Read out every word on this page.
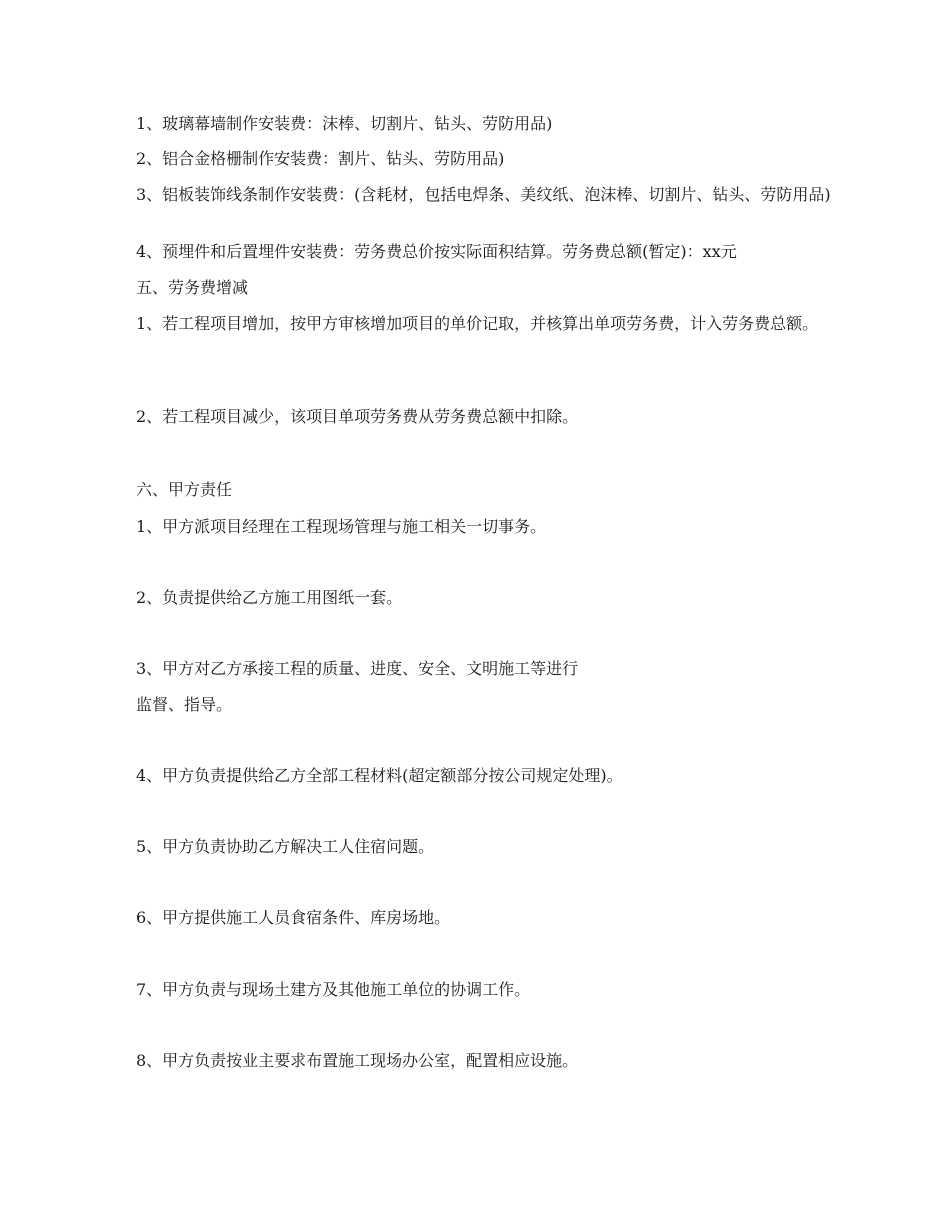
1、玻璃幕墙制作安装费：沫棒、切割片、钻头、劳防用品)
2、铝合金格栅制作安装费：割片、钻头、劳防用品)
3、铝板装饰线条制作安装费：(含耗材，包括电焊条、美纹纸、泡沫棒、切割片、钻头、劳防用品)
4、预埋件和后置埋件安装费：劳务费总价按实际面积结算。劳务费总额(暂定)：xx元
五、劳务费增减
1、若工程项目增加，按甲方审核增加项目的单价记取，并核算出单项劳务费，计入劳务费总额。
2、若工程项目减少，该项目单项劳务费从劳务费总额中扣除。
六、甲方责任
1、甲方派项目经理在工程现场管理与施工相关一切事务。
2、负责提供给乙方施工用图纸一套。
3、甲方对乙方承接工程的质量、进度、安全、文明施工等进行
监督、指导。
4、甲方负责提供给乙方全部工程材料(超定额部分按公司规定处理)。
5、甲方负责协助乙方解决工人住宿问题。
6、甲方提供施工人员食宿条件、库房场地。
7、甲方负责与现场土建方及其他施工单位的协调工作。
8、甲方负责按业主要求布置施工现场办公室，配置相应设施。
